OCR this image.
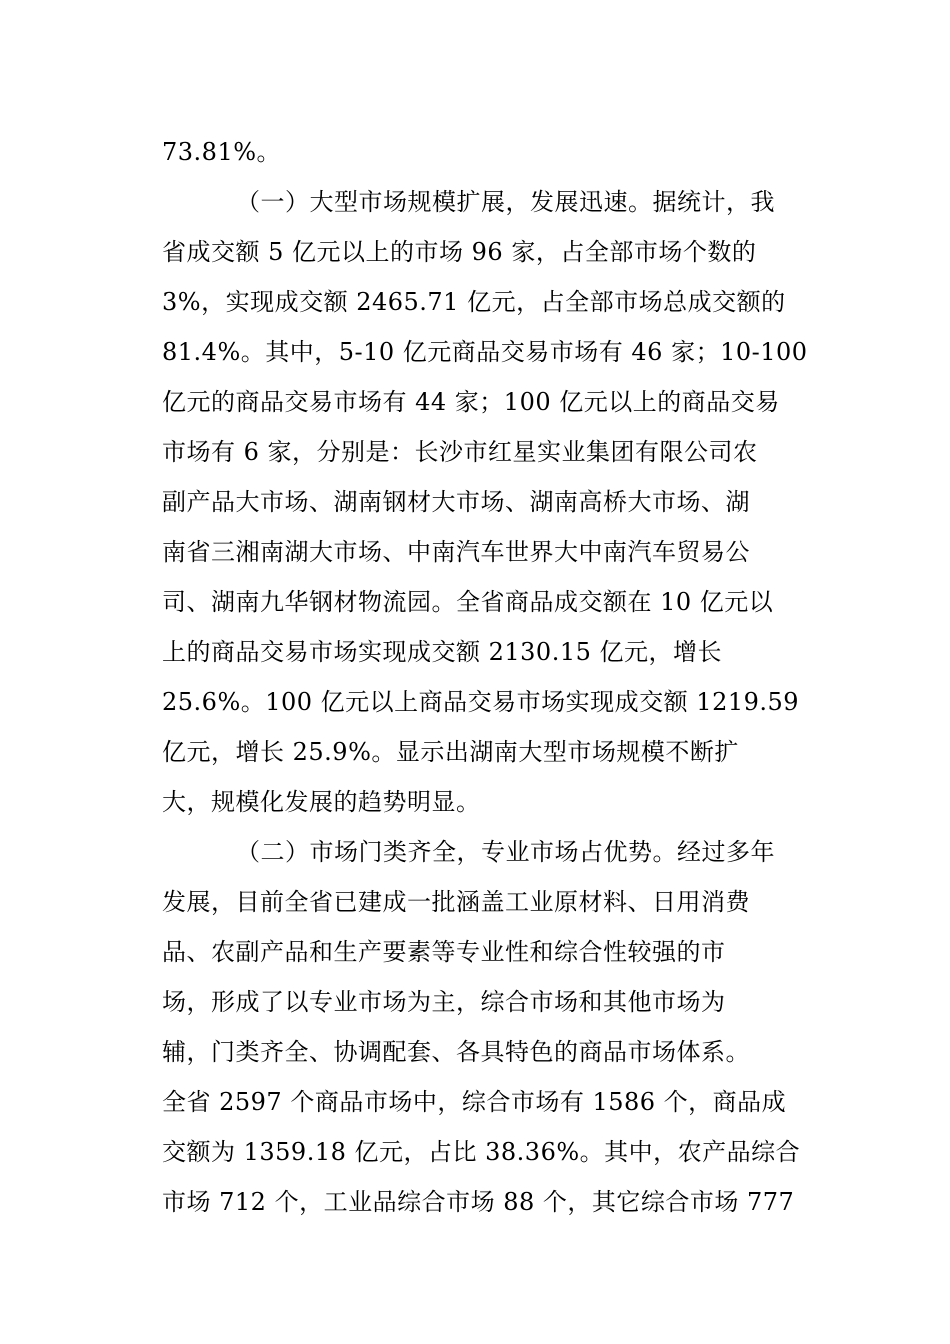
73.81%。
（一）大型市场规模扩展，发展迅速。据统计，我
省成交额 5 亿元以上的市场 96 家，占全部市场个数的
3%，实现成交额 2465.71 亿元，占全部市场总成交额的
81.4%。其中，5-10 亿元商品交易市场有 46 家；10-100
亿元的商品交易市场有 44 家；100 亿元以上的商品交易
市场有 6 家，分别是：长沙市红星实业集团有限公司农
副产品大市场、湖南钢材大市场、湖南高桥大市场、湖
南省三湘南湖大市场、中南汽车世界大中南汽车贸易公
司、湖南九华钢材物流园。全省商品成交额在 10 亿元以
上的商品交易市场实现成交额 2130.15 亿元，增长
25.6%。100 亿元以上商品交易市场实现成交额 1219.59
亿元，增长 25.9%。显示出湖南大型市场规模不断扩
大，规模化发展的趋势明显。
（二）市场门类齐全，专业市场占优势。经过多年
发展，目前全省已建成一批涵盖工业原材料、日用消费
品、农副产品和生产要素等专业性和综合性较强的市
场，形成了以专业市场为主，综合市场和其他市场为
辅，门类齐全、协调配套、各具特色的商品市场体系。
全省 2597 个商品市场中，综合市场有 1586 个，商品成
交额为 1359.18 亿元，占比 38.36%。其中，农产品综合
市场 712 个，工业品综合市场 88 个，其它综合市场 777
